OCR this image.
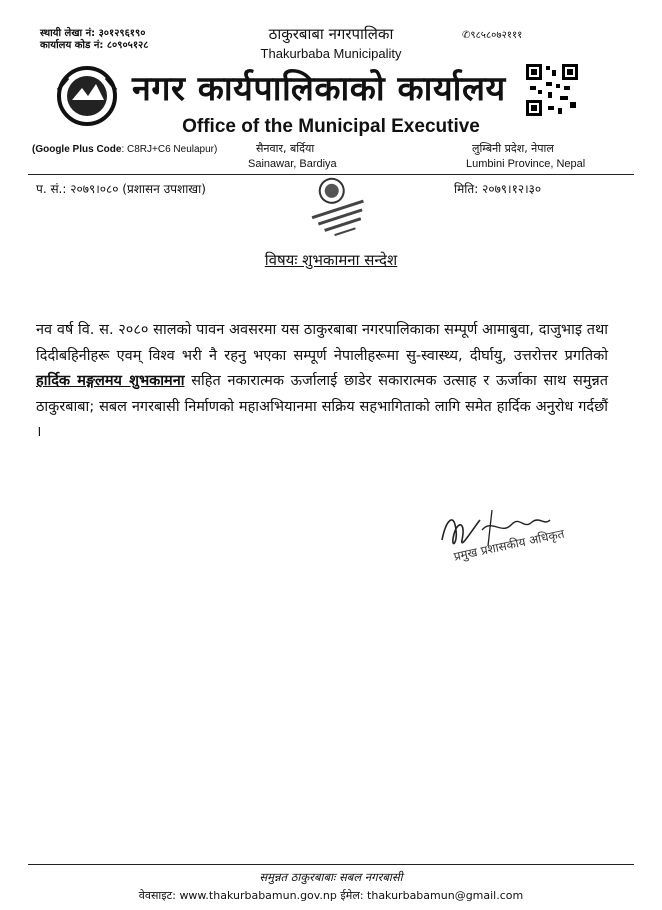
स्थायी लेखा नं: ३०१२९६१९०
कार्यालय कोड नं: ८०९०५१२८
ठाकुरबाबा नगरपालिका
Thakurbaba Municipality
✆९८५८०७२१११
नगर कार्यपालिकाको कार्यालय
Office of the Municipal Executive
(Google Plus Code: C8RJ+C6 Neulapur)	सैनवार, बर्दिया
Sainawar, Bardiya
लुम्बिनी प्रदेश, नेपाल
Lumbini Province, Nepal
प. सं.: २०७९।०८० (प्रशासन उपशाखा)	मिति: २०७९।१२।३०
विषयः शुभकामना सन्देश
नव वर्ष वि. स. २०८० सालको पावन अवसरमा यस ठाकुरबाबा नगरपालिकाका सम्पूर्ण आमाबुवा, दाजुभाइ तथा दिदीबहिनीहरू एवम् विश्व भरी नै रहनु भएका सम्पूर्ण नेपालीहरूमा सु-स्वास्थ्य, दीर्घायु, उत्तरोत्तर प्रगतिको हार्दिक मङ्गलमय शुभकामना सहित नकारात्मक ऊर्जालाई छाडेर सकारात्मक उत्साह र ऊर्जाका साथ समुन्नत ठाकुरबाबा; सबल नगरबासी निर्माणको महाअभियानमा सक्रिय सहभागिताको लागि समेत हार्दिक अनुरोध गर्दछौं ।
प्रमुख प्रशासकीय अधिकृत
समुन्नत ठाकुरबाबाः सबल नगरबासी
वेवसाइट: www.thakurbabamun.gov.np ईमेल: thakurbabamun@gmail.com
